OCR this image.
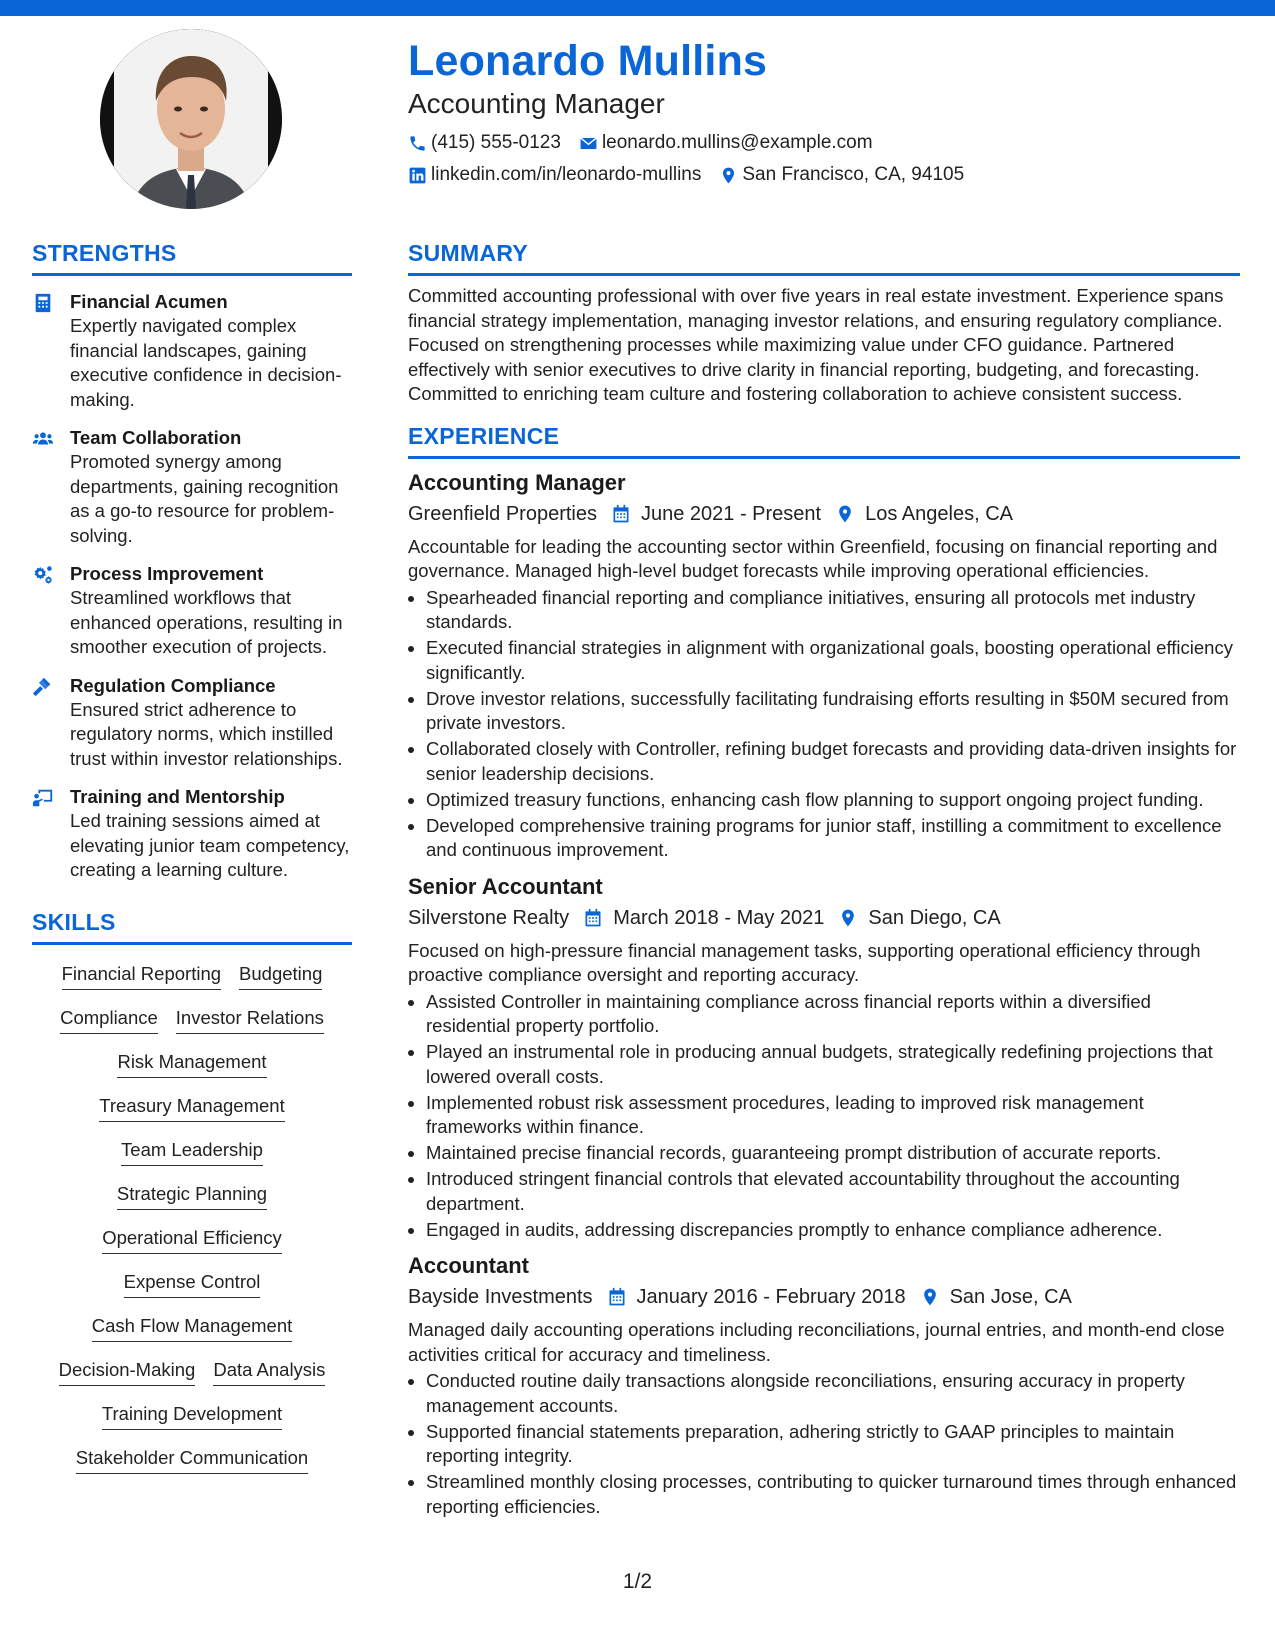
Leonardo Mullins
Accounting Manager
(415) 555-0123 leonardo.mullins@example.com
linkedin.com/in/leonardo-mullins San Francisco, CA, 94105
STRENGTHS
Financial Acumen
Expertly navigated complex financial landscapes, gaining executive confidence in decision-making.
Team Collaboration
Promoted synergy among departments, gaining recognition as a go-to resource for problem-solving.
Process Improvement
Streamlined workflows that enhanced operations, resulting in smoother execution of projects.
Regulation Compliance
Ensured strict adherence to regulatory norms, which instilled trust within investor relationships.
Training and Mentorship
Led training sessions aimed at elevating junior team competency, creating a learning culture.
SKILLS
Financial Reporting Budgeting
Compliance Investor Relations
Risk Management
Treasury Management
Team Leadership
Strategic Planning
Operational Efficiency
Expense Control
Cash Flow Management
Decision-Making Data Analysis
Training Development
Stakeholder Communication
SUMMARY
Committed accounting professional with over five years in real estate investment. Experience spans financial strategy implementation, managing investor relations, and ensuring regulatory compliance. Focused on strengthening processes while maximizing value under CFO guidance. Partnered effectively with senior executives to drive clarity in financial reporting, budgeting, and forecasting. Committed to enriching team culture and fostering collaboration to achieve consistent success.
EXPERIENCE
Accounting Manager
Greenfield Properties June 2021 - Present Los Angeles, CA
Accountable for leading the accounting sector within Greenfield, focusing on financial reporting and governance. Managed high-level budget forecasts while improving operational efficiencies.
• Spearheaded financial reporting and compliance initiatives, ensuring all protocols met industry standards.
• Executed financial strategies in alignment with organizational goals, boosting operational efficiency significantly.
• Drove investor relations, successfully facilitating fundraising efforts resulting in $50M secured from private investors.
• Collaborated closely with Controller, refining budget forecasts and providing data-driven insights for senior leadership decisions.
• Optimized treasury functions, enhancing cash flow planning to support ongoing project funding.
• Developed comprehensive training programs for junior staff, instilling a commitment to excellence and continuous improvement.
Senior Accountant
Silverstone Realty March 2018 - May 2021 San Diego, CA
Focused on high-pressure financial management tasks, supporting operational efficiency through proactive compliance oversight and reporting accuracy.
• Assisted Controller in maintaining compliance across financial reports within a diversified residential property portfolio.
• Played an instrumental role in producing annual budgets, strategically redefining projections that lowered overall costs.
• Implemented robust risk assessment procedures, leading to improved risk management frameworks within finance.
• Maintained precise financial records, guaranteeing prompt distribution of accurate reports.
• Introduced stringent financial controls that elevated accountability throughout the accounting department.
• Engaged in audits, addressing discrepancies promptly to enhance compliance adherence.
Accountant
Bayside Investments January 2016 - February 2018 San Jose, CA
Managed daily accounting operations including reconciliations, journal entries, and month-end close activities critical for accuracy and timeliness.
• Conducted routine daily transactions alongside reconciliations, ensuring accuracy in property management accounts.
• Supported financial statements preparation, adhering strictly to GAAP principles to maintain reporting integrity.
• Streamlined monthly closing processes, contributing to quicker turnaround times through enhanced reporting efficiencies.
1/2
